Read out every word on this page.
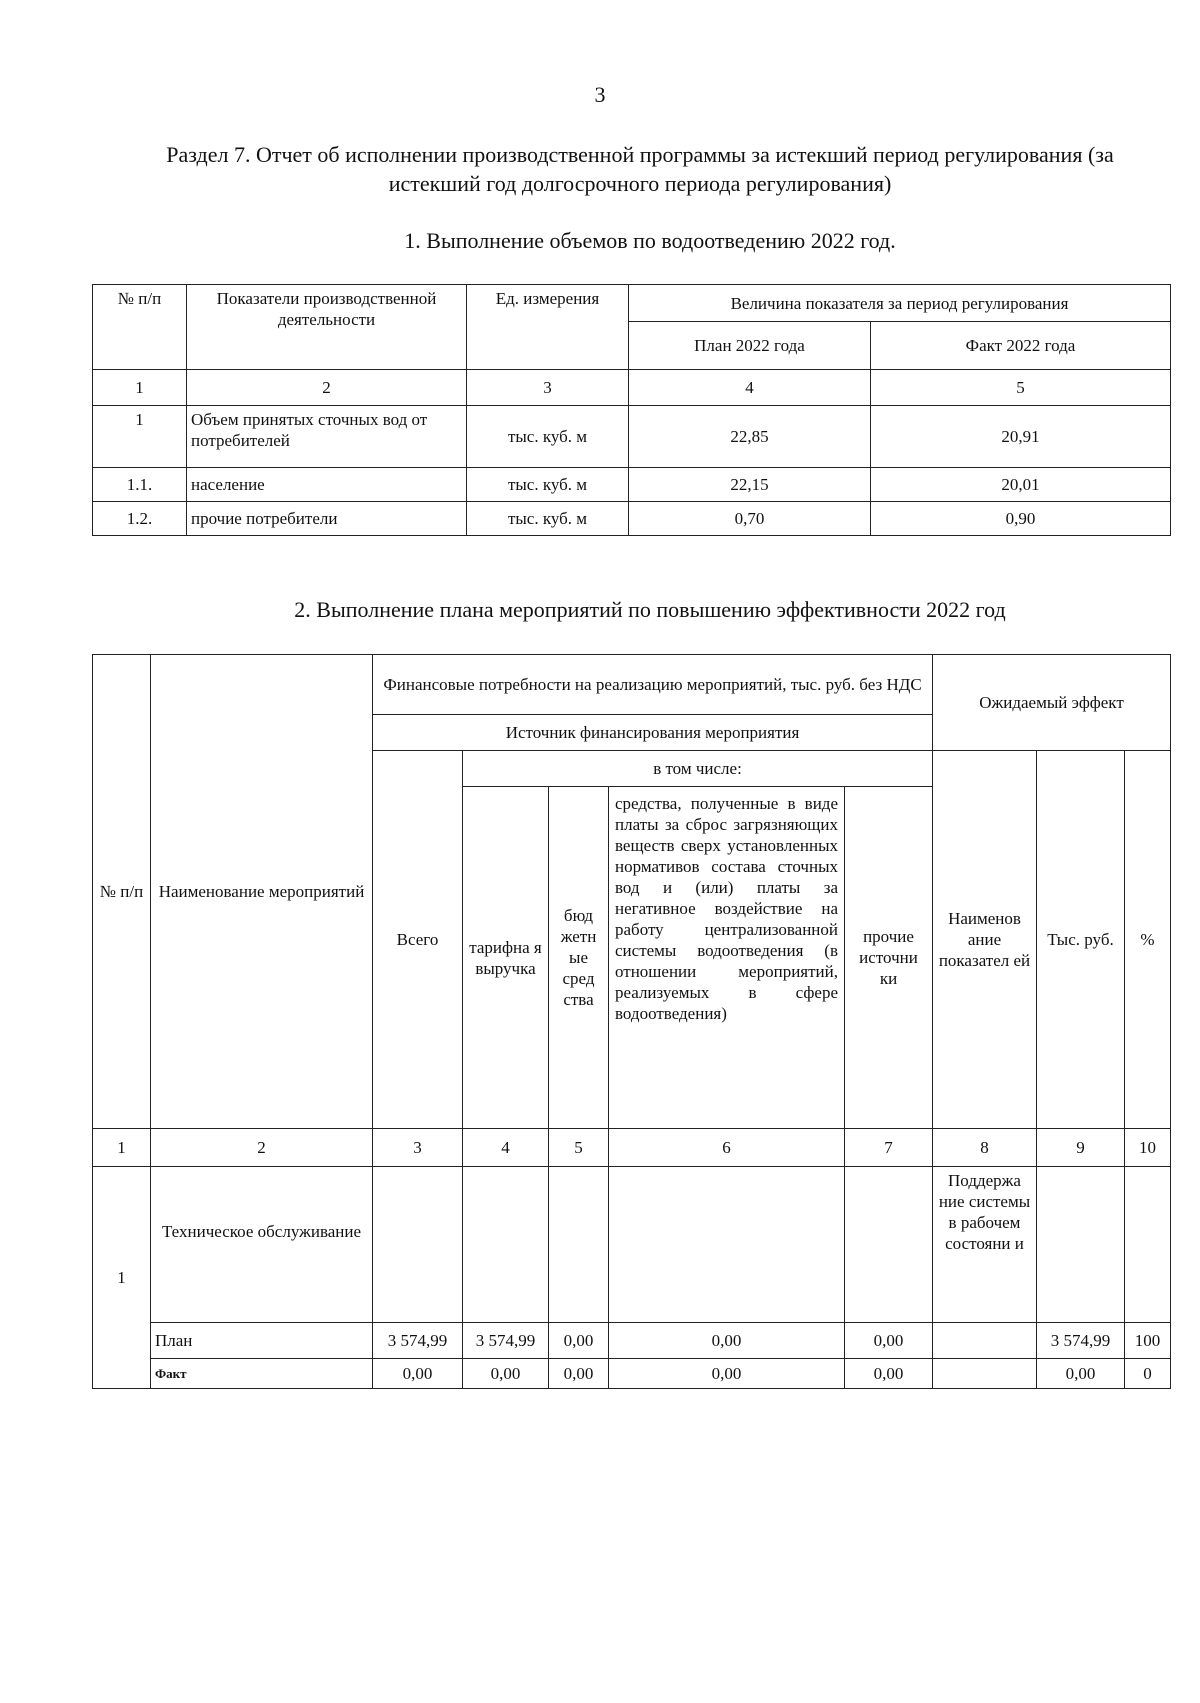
3
Раздел 7. Отчет об исполнении производственной программы за истекший период регулирования (за истекший год долгосрочного периода регулирования)
1. Выполнение объемов по водоотведению 2022 год.
№ п/п	Показатели производственной деятельности	Ед. измерения	Величина показателя за период регулирования	
			План 2022 года	Факт 2022 года
1	2	3	4	5
1	Объем принятых сточных вод от потребителей	тыс. куб. м	22,85	20,91
1.1.	население	тыс. куб. м	22,15	20,01
1.2.	прочие потребители	тыс. куб. м	0,70	0,90
2. Выполнение плана мероприятий по повышению эффективности 2022 год
№ п/п	Наименование мероприятий	Финансовые потребности на реализацию мероприятий, тыс. руб. без НДС					Ожидаемый эффект		
		Источник финансирования мероприятия							
		Всего	в том числе:				Наименов ание показател ей	Тыс. руб.	%
			тарифна я выручка	бюд жетн ые сред ства	средства, полученные в виде платы за сброс загрязняющих веществ сверх установленных нормативов состава сточных вод и (или) платы за негативное воздействие на работу централизованной системы водоотведения (в отношении мероприятий, реализуемых в сфере водоотведения)	прочие источни ки			
1	2	3	4	5	6	7	8	9	10
1	Техническое обслуживание						Поддержа ние системы в рабочем состояни и		
	План	3 574,99	3 574,99	0,00	0,00	0,00		3 574,99	100
	Факт	0,00	0,00	0,00	0,00	0,00		0,00	0
